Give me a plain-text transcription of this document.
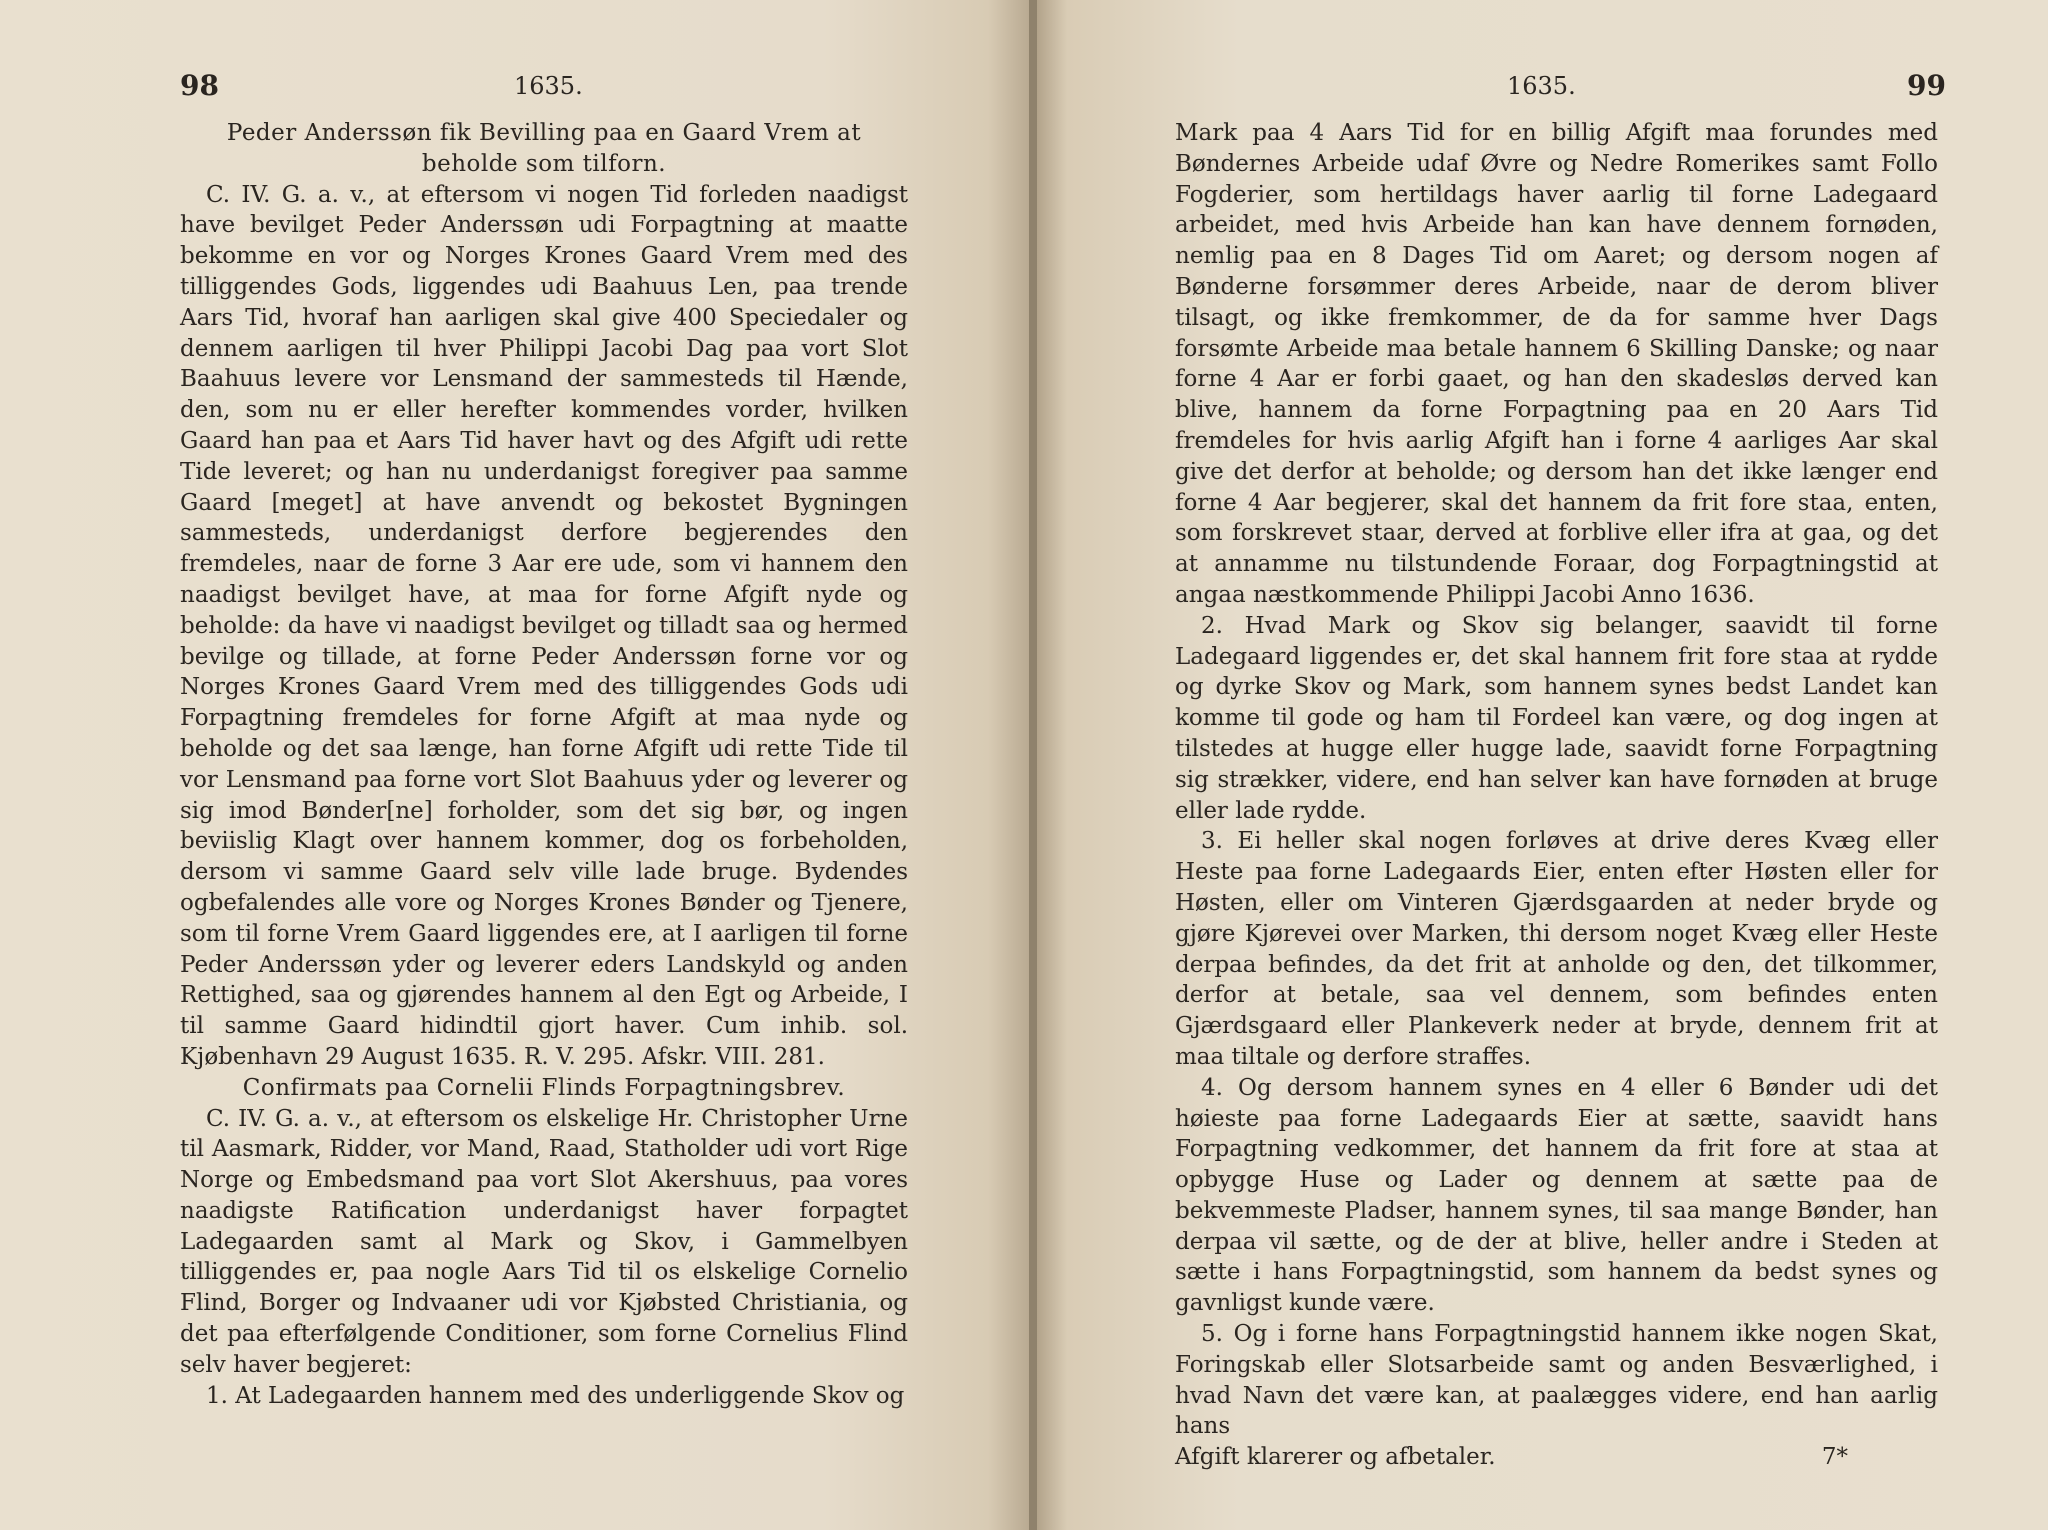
98	1635.

Peder Anderssøn fik Bevilling paa en Gaard Vrem at beholde som tilforn.

C. IV. G. a. v., at eftersom vi nogen Tid forleden naadigst have bevilget Peder Anderssøn udi Forpagtning at maatte bekomme en vor og Norges Krones Gaard Vrem med des tilliggendes Gods, liggendes udi Baahuus Len, paa trende Aars Tid, hvoraf han aarligen skal give 400 Speciedaler og dennem aarligen til hver Philippi Jacobi Dag paa vort Slot Baahuus levere vor Lensmand der sammesteds til Hænde, den, som nu er eller herefter kommendes vorder, hvilken Gaard han paa et Aars Tid haver havt og des Afgift udi rette Tide leveret; og han nu underdanigst foregiver paa samme Gaard [meget] at have anvendt og bekostet Bygningen sammesteds, underdanigst derfore begjerendes den fremdeles, naar de forne 3 Aar ere ude, som vi hannem den naadigst bevilget have, at maa for forne Afgift nyde og beholde: da have vi naadigst bevilget og tilladt saa og hermed bevilge og tillade, at forne Peder Anderssøn forne vor og Norges Krones Gaard Vrem med des tilliggendes Gods udi Forpagtning fremdeles for forne Afgift at maa nyde og beholde og det saa længe, han forne Afgift udi rette Tide til vor Lensmand paa forne vort Slot Baahuus yder og leverer og sig imod Bønder[ne] forholder, som det sig bør, og ingen beviislig Klagt over hannem kommer, dog os forbeholden, dersom vi samme Gaard selv ville lade bruge. Bydendes ogbefalendes alle vore og Norges Krones Bønder og Tjenere, som til forne Vrem Gaard liggendes ere, at I aarligen til forne Peder Anderssøn yder og leverer eders Landskyld og anden Rettighed, saa og gjørendes hannem al den Egt og Arbeide, I til samme Gaard hidindtil gjort haver. Cum inhib. sol. Kjøbenhavn 29 August 1635. R. V. 295. Afskr. VIII. 281.

Confirmats paa Cornelii Flinds Forpagtningsbrev.

C. IV. G. a. v., at eftersom os elskelige Hr. Christopher Urne til Aasmark, Ridder, vor Mand, Raad, Statholder udi vort Rige Norge og Embedsmand paa vort Slot Akershuus, paa vores naadigste Ratification underdanigst haver forpagtet Ladegaarden samt al Mark og Skov, i Gammelbyen tilliggendes er, paa nogle Aars Tid til os elskelige Cornelio Flind, Borger og Indvaaner udi vor Kjøbsted Christiania, og det paa efterfølgende Conditioner, som forne Cornelius Flind selv haver begjeret:

1. At Ladegaarden hannem med des underliggende Skov og

1635.	99

Mark paa 4 Aars Tid for en billig Afgift maa forundes med Bøndernes Arbeide udaf Øvre og Nedre Romerikes samt Follo Fogderier, som hertildags haver aarlig til forne Ladegaard arbeidet, med hvis Arbeide han kan have dennem fornøden, nemlig paa en 8 Dages Tid om Aaret; og dersom nogen af Bønderne forsømmer deres Arbeide, naar de derom bliver tilsagt, og ikke fremkommer, de da for samme hver Dags forsømte Arbeide maa betale hannem 6 Skilling Danske; og naar forne 4 Aar er forbi gaaet, og han den skadesløs derved kan blive, hannem da forne Forpagtning paa en 20 Aars Tid fremdeles for hvis aarlig Afgift han i forne 4 aarliges Aar skal give det derfor at beholde; og dersom han det ikke længer end forne 4 Aar begjerer, skal det hannem da frit fore staa, enten, som forskrevet staar, derved at forblive eller ifra at gaa, og det at annamme nu tilstundende Foraar, dog Forpagtningstid at angaa næstkommende Philippi Jacobi Anno 1636.

2. Hvad Mark og Skov sig belanger, saavidt til forne Ladegaard liggendes er, det skal hannem frit fore staa at rydde og dyrke Skov og Mark, som hannem synes bedst Landet kan komme til gode og ham til Fordeel kan være, og dog ingen at tilstedes at hugge eller hugge lade, saavidt forne Forpagtning sig strækker, videre, end han selver kan have fornøden at bruge eller lade rydde.

3. Ei heller skal nogen forløves at drive deres Kvæg eller Heste paa forne Ladegaards Eier, enten efter Høsten eller for Høsten, eller om Vinteren Gjærdsgaarden at neder bryde og gjøre Kjørevei over Marken, thi dersom noget Kvæg eller Heste derpaa befindes, da det frit at anholde og den, det tilkommer, derfor at betale, saa vel dennem, som befindes enten Gjærdsgaard eller Plankeverk neder at bryde, dennem frit at maa tiltale og derfore straffes.

4. Og dersom hannem synes en 4 eller 6 Bønder udi det høieste paa forne Ladegaards Eier at sætte, saavidt hans Forpagtning vedkommer, det hannem da frit fore at staa at opbygge Huse og Lader og dennem at sætte paa de bekvemmeste Pladser, hannem synes, til saa mange Bønder, han derpaa vil sætte, og de der at blive, heller andre i Steden at sætte i hans Forpagtningstid, som hannem da bedst synes og gavnligst kunde være.

5. Og i forne hans Forpagtningstid hannem ikke nogen Skat, Foringskab eller Slotsarbeide samt og anden Besværlighed, i hvad Navn det være kan, at paalægges videre, end han aarlig hans

Afgift klarerer og afbetaler.	7*
